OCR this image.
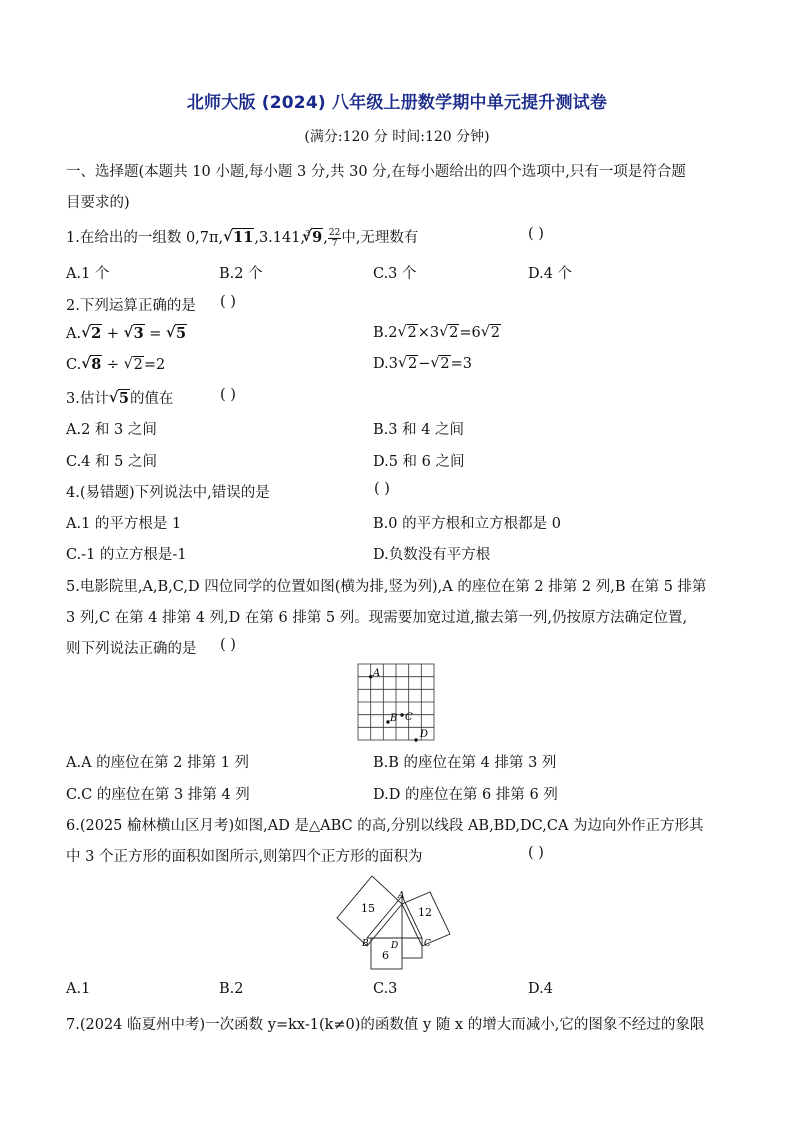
北师大版 (2024) 八年级上册数学期中单元提升测试卷
(满分:120 分 时间:120 分钟)
一、选择题(本题共 10 小题,每小题 3 分,共 30 分,在每小题给出的四个选项中,只有一项是符合题
目要求的)
1.在给出的一组数 0,7π, √ 11,3.141,$^3$ √ 9, $\frac{22}{7}$ 中,无理数有	( )
A.1 个	B.2 个	C.3 个	D.4 个
2.下列运算正确的是 ( )
A. √ 2 + √ 3 = √ 5	B.2 √ 2×3 √ 2=6 √ 2
C. √ 8 ÷ √ 2=2	D.3 √ 2− √ 2=3
3.估计 √ 5的值在	( )
A.2 和 3 之间	B.3 和 4 之间
C.4 和 5 之间	D.5 和 6 之间
4.(易错题)下列说法中,错误的是	( )
A.1 的平方根是 1	B.0 的平方根和立方根都是 0
C.-1 的立方根是-1	D.负数没有平方根
5.电影院里,A,B,C,D 四位同学的位置如图(横为排,竖为列),A 的座位在第 2 排第 2 列,B 在第 5 排第
3 列,C 在第 4 排第 4 列,D 在第 6 排第 5 列。现需要加宽过道,撤去第一列,仍按原方法确定位置,
则下列说法正确的是 ( )
A
B C
D
A.A 的座位在第 2 排第 1 列	B.B 的座位在第 4 排第 3 列
C.C 的座位在第 3 排第 4 列	D.D 的座位在第 6 排第 6 列
6.(2025 榆林横山区月考)如图,AD 是△ABC 的高,分别以线段 AB,BD,DC,CA 为边向外作正方形其
中 3 个正方形的面积如图所示,则第四个正方形的面积为	( )
15	12
6
A
B	C
D
A.1	B.2	C.3	D.4
7.(2024 临夏州中考)一次函数 y=kx-1(k≠0)的函数值 y 随 x 的增大而减小,它的图象不经过的象限
